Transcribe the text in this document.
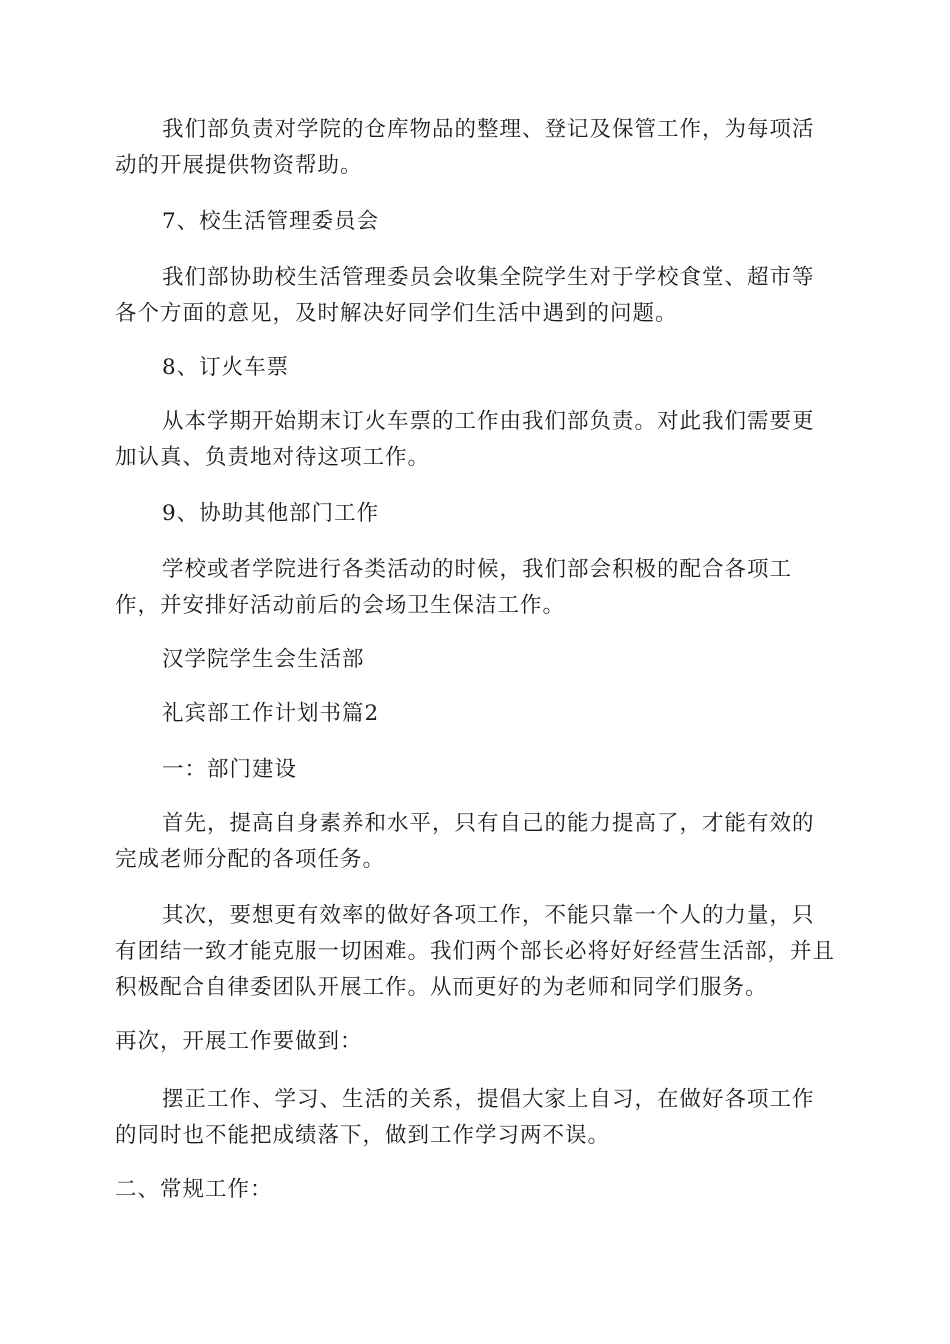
我们部负责对学院的仓库物品的整理、登记及保管工作，为每项活动的开展提供物资帮助。

7、校生活管理委员会

我们部协助校生活管理委员会收集全院学生对于学校食堂、超市等各个方面的意见，及时解决好同学们生活中遇到的问题。

8、订火车票

从本学期开始期末订火车票的工作由我们部负责。对此我们需要更加认真、负责地对待这项工作。

9、协助其他部门工作

学校或者学院进行各类活动的时候，我们部会积极的配合各项工作，并安排好活动前后的会场卫生保洁工作。

汉学院学生会生活部

礼宾部工作计划书篇2

一：部门建设

首先，提高自身素养和水平，只有自己的能力提高了，才能有效的完成老师分配的各项任务。

其次，要想更有效率的做好各项工作，不能只靠一个人的力量，只有团结一致才能克服一切困难。我们两个部长必将好好经营生活部，并且积极配合自律委团队开展工作。从而更好的为老师和同学们服务。

再次，开展工作要做到：

摆正工作、学习、生活的关系，提倡大家上自习，在做好各项工作的同时也不能把成绩落下，做到工作学习两不误。

二、常规工作：
